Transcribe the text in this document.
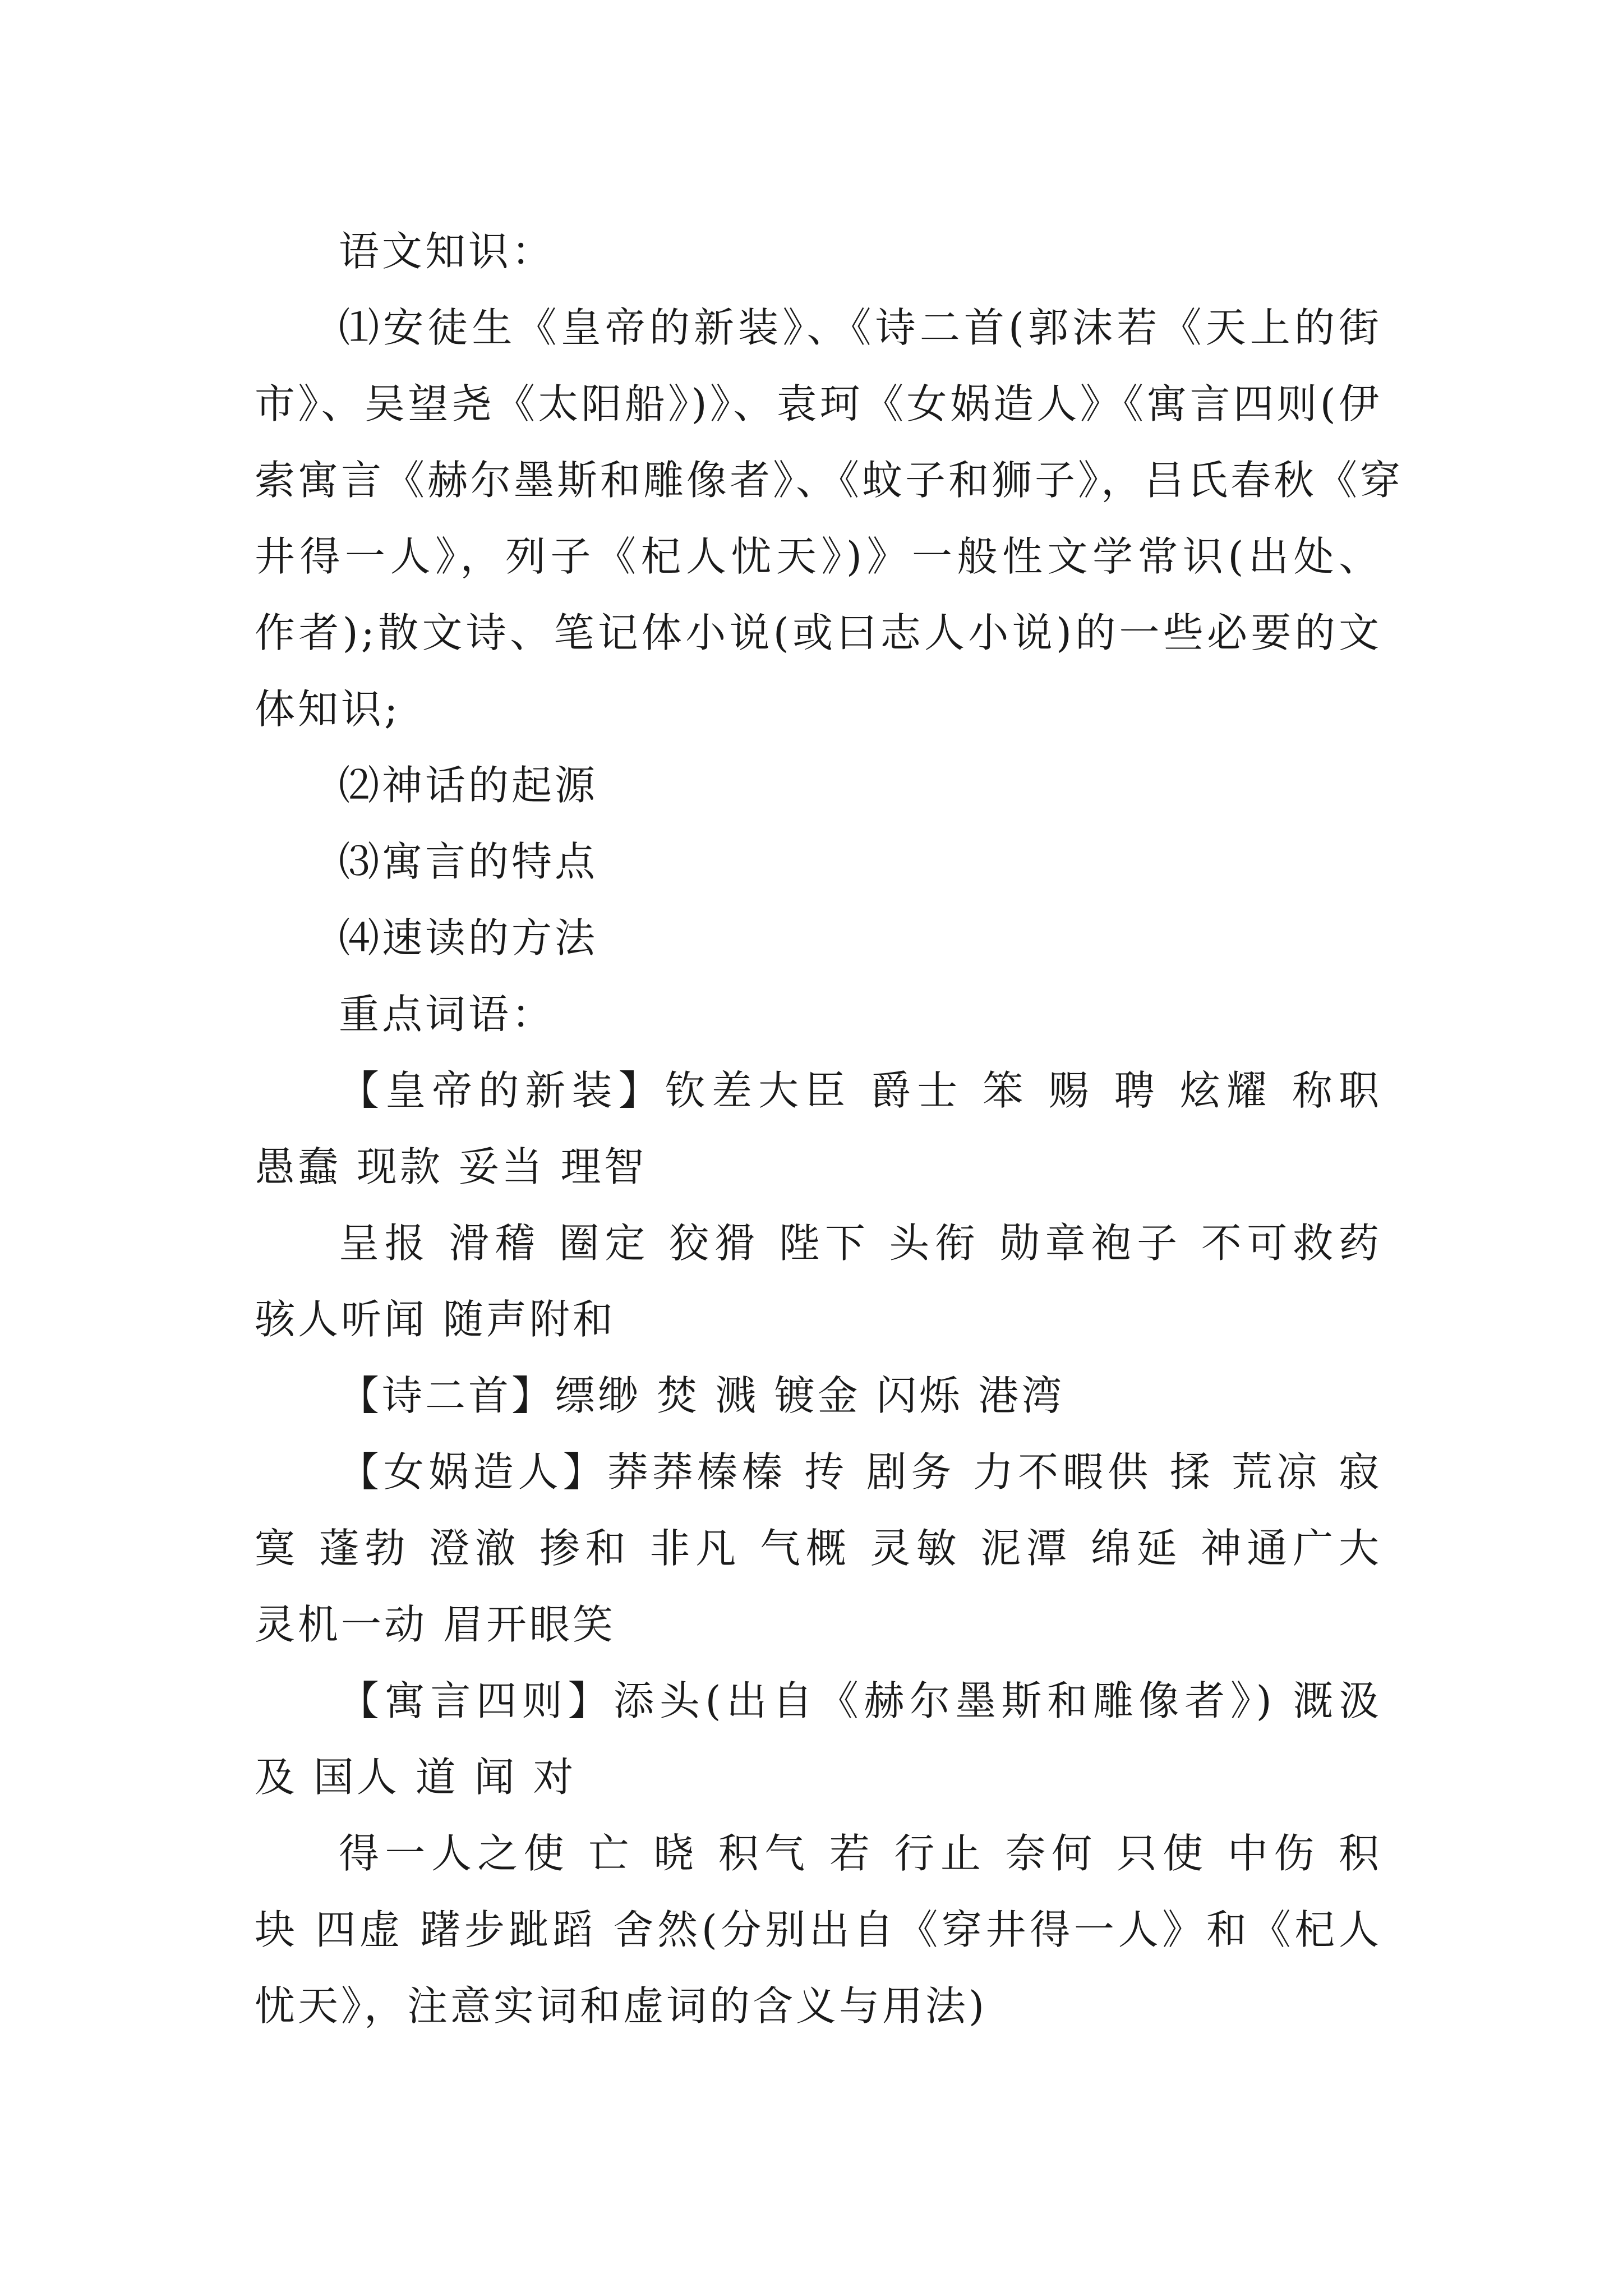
语文知识：
⑴安徒生《皇帝的新装》、《诗二首(郭沫若《天上的街
市》、吴望尧《太阳船》)》、袁珂《女娲造人》《寓言四则(伊
索寓言《赫尔墨斯和雕像者》、《蚊子和狮子》，吕氏春秋《穿
井得一人》，列子《杞人忧天》)》一般性文学常识(出处、
作者);散文诗、笔记体小说(或曰志人小说)的一些必要的文
体知识;
⑵神话的起源
⑶寓言的特点
⑷速读的方法
重点词语：
【皇帝的新装】钦差大臣 爵士 笨 赐 聘 炫耀 称职
愚蠢 现款 妥当 理智
呈报 滑稽 圈定 狡猾 陛下 头衔 勋章袍子 不可救药
骇人听闻 随声附和
【诗二首】缥缈 焚 溅 镀金 闪烁 港湾
【女娲造人】莽莽榛榛 抟 剧务 力不暇供 揉 荒凉 寂
寞 蓬勃 澄澈 掺和 非凡 气概 灵敏 泥潭 绵延 神通广大
灵机一动 眉开眼笑
【寓言四则】添头(出自《赫尔墨斯和雕像者》) 溉汲
及 国人 道 闻 对
得一人之使 亡 晓 积气 若 行止 奈何 只使 中伤 积
块 四虚 躇步跐蹈 舍然(分别出自《穿井得一人》和《杞人
忧天》，注意实词和虚词的含义与用法)
